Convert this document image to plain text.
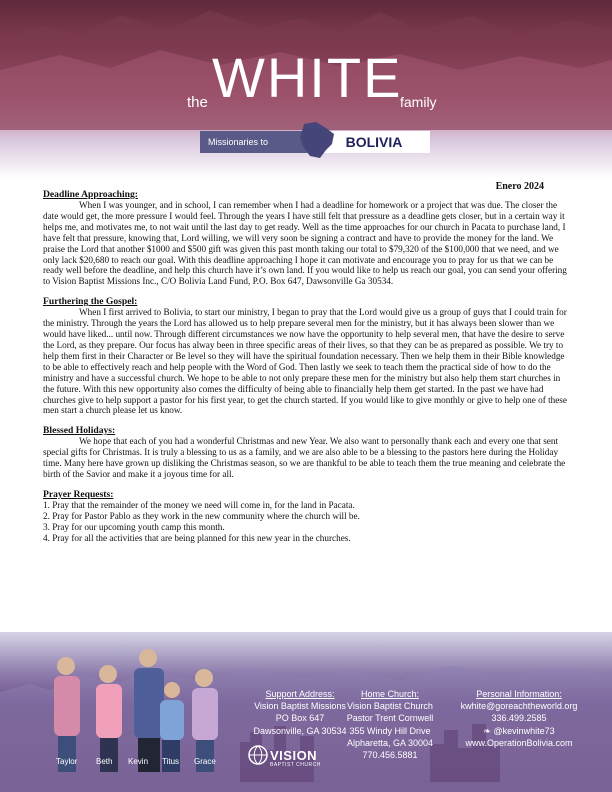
the WHITE
family
Missionaries to	BOLIVIA
Enero 2024
Deadline Approaching:

When I was younger, and in school, I can remember when I had a deadline for homework or a project that was due. The closer the date would get, the more pressure I would feel. Through the years I have still felt that pressure as a deadline gets closer, but in a certain way it helps me, and motivates me, to not wait until the last day to get ready. Well as the time approaches for our church in Pacata to purchase land, I have felt that pressure, knowing that, Lord willing, we will very soon be signing a contract and have to provide the money for the land. We praise the Lord that another $1000 and $500 gift was given this past month taking our total to $79,320 of the $100,000 that we need, and we only lack $20,680 to reach our goal. With this deadline approaching I hope it can motivate and encourage you to pray for us that we can be ready well before the deadline, and help this church have it’s own land. If you would like to help us reach our goal, you can send your offering to Vision Baptist Missions Inc., C/O Bolivia Land Fund, P.O. Box 647, Dawsonville Ga 30534.

Furthering the Gospel:

When I first arrived to Bolivia, to start our ministry, I began to pray that the Lord would give us a group of guys that I could train for the ministry. Through the years the Lord has allowed us to help prepare several men for the ministry, but it has always been slower than we would have liked... until now. Through different circumstances we now have the opportunity to help several men, that have the desire to serve the Lord, as they prepare. Our focus has alway been in three specific areas of their lives, so that they can be as prepared as possible. We try to help them first in their Character or Be level so they will have the spiritual foundation necessary. Then we help them in their Bible knowledge to be able to effectively reach and help people with the Word of God. Then lastly we seek to teach them the practical side of how to do the ministry and have a successful church. We hope to be able to not only prepare these men for the ministry but also help them start churches in the future. With this new opportunity also comes the difficulty of being able to financially help them get started. In the past we have had churches give to help support a pastor for his first year, to get the church started. If you would like to give monthly or give to help one of these men start a church please let us know.

Blessed Holidays:

We hope that each of you had a wonderful Christmas and new Year. We also want to personally thank each and every one that sent special gifts for Christmas. It is truly a blessing to us as a family, and we are also able to be a blessing to the pastors here during the Holiday time. Many here have grown up disliking the Christmas season, so we are thankful to be able to teach them the true meaning and celebrate the birth of the Savior and make it a joyous time for all.

Prayer Requests:
1. Pray that the remainder of the money we need will come in, for the land in Pacata.
2. Pray for Pastor Pablo as they work in the new community where the church will be.
3. Pray for our upcoming youth camp this month.
4. Pray for all the activities that are being planned for this new year in the churches.
Taylor Beth Kevin Titus Grace
Support Address:
Vision Baptist Missions
PO Box 647
Dawsonville, GA 30534
Home Church:
Vision Baptist Church
Pastor Trent Cornwell
355 Windy Hill Drive
Alpharetta, GA 30004
770.456.5881
Personal Information:
kwhite@goreachtheworld.org
336.499.2585
❧ @kevinwhite73
www.OperationBolivia.com
VISION
BAPTIST CHURCH
